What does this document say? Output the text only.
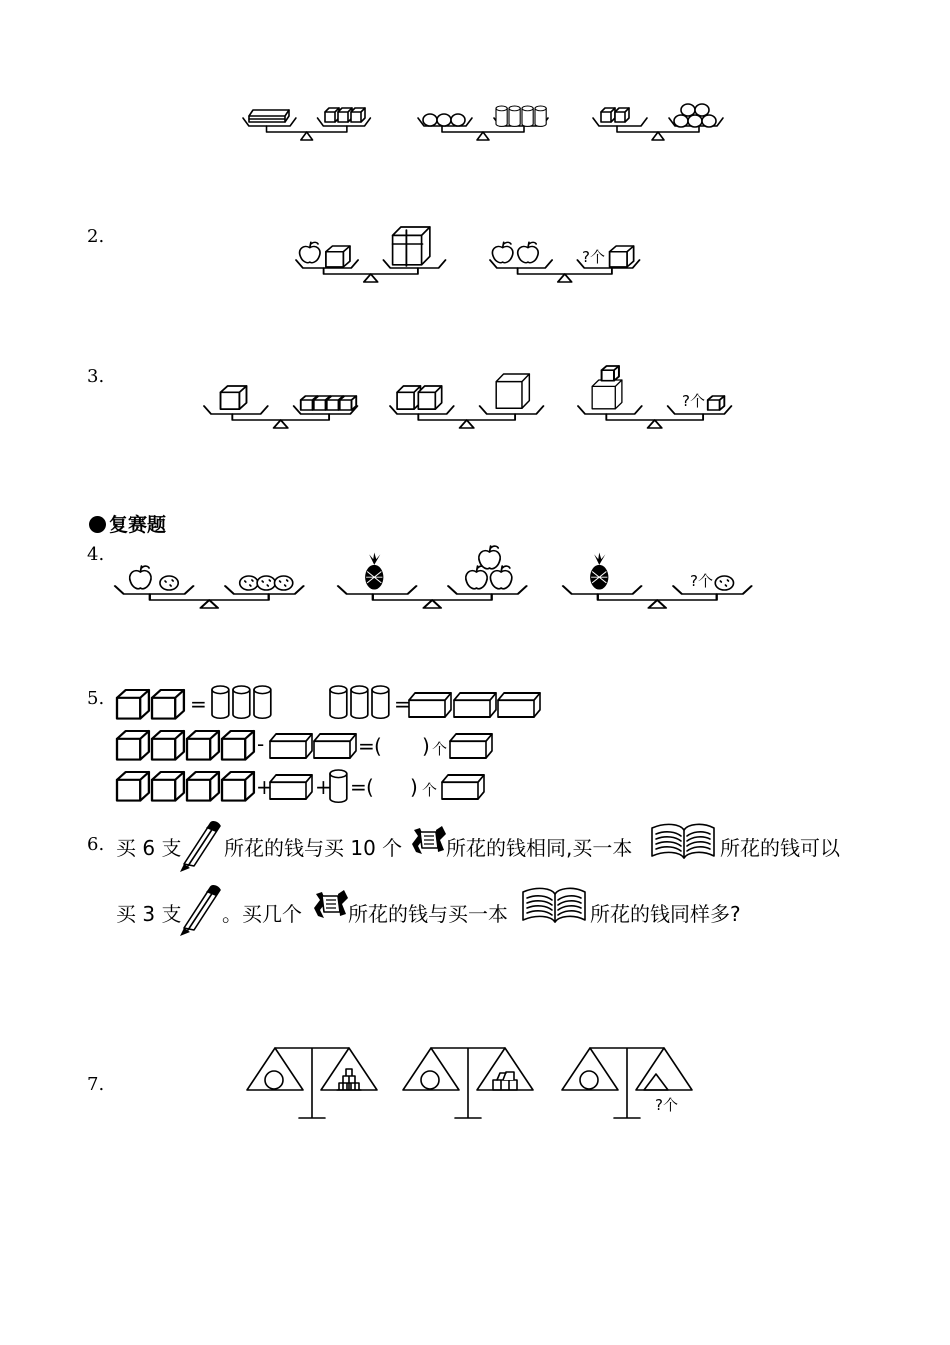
2.
3.
复赛题
4.
5.
6.
7.
?个
?个
?个
?个
=	=
-	= ( ) 个
+ + = ( ) 个
买 6 支 所花的钱与买 10 个 所花的钱相同,买一本	所花的钱可以
买 3 支 。买几个 所花的钱与买一本	所花的钱同样多?
